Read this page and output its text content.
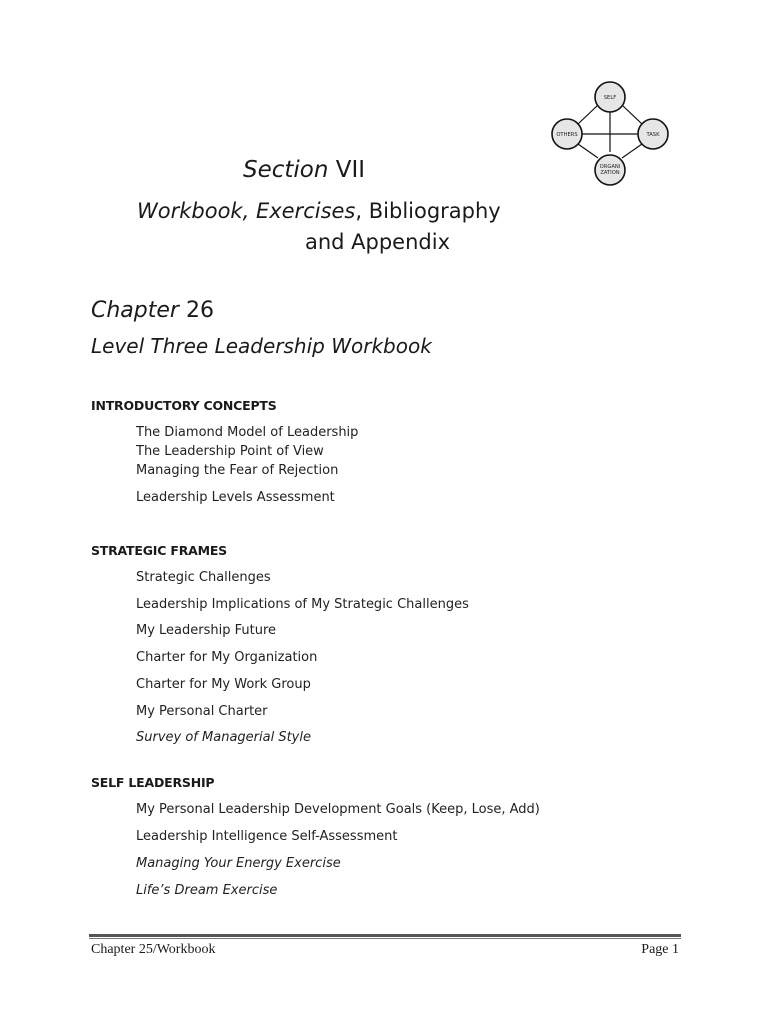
SELF
OTHERS	TASK
ORGANI
ZATION
Section VII
Workbook, Exercises, Bibliography
and Appendix
Chapter 26
Level Three Leadership Workbook
INTRODUCTORY CONCEPTS
The Diamond Model of Leadership
The Leadership Point of View
Managing the Fear of Rejection
Leadership Levels Assessment
STRATEGIC FRAMES
Strategic Challenges
Leadership Implications of My Strategic Challenges
My Leadership Future
Charter for My Organization
Charter for My Work Group
My Personal Charter
Survey of Managerial Style
SELF LEADERSHIP
My Personal Leadership Development Goals (Keep, Lose, Add)
Leadership Intelligence Self-Assessment
Managing Your Energy Exercise
Life’s Dream Exercise
Chapter 25/Workbook	Page 1
